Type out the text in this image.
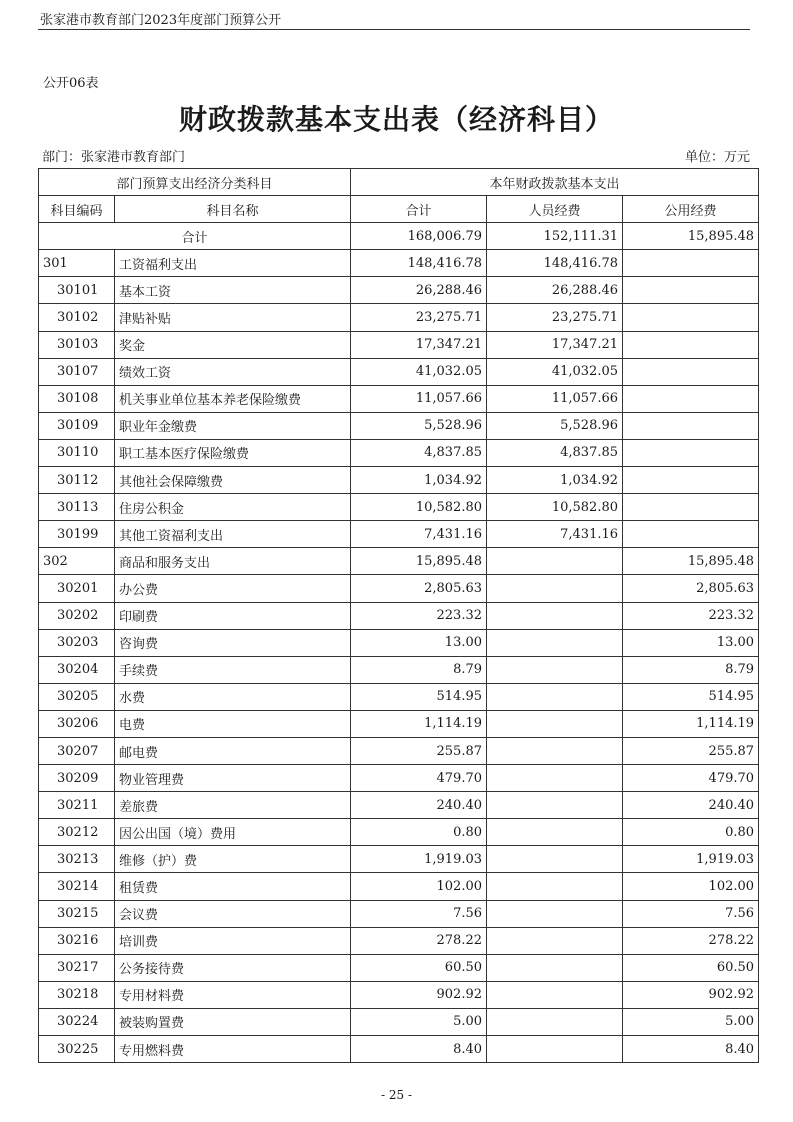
张家港市教育部门2023年度部门预算公开
公开06表
财政拨款基本支出表（经济科目）
部门：张家港市教育部门	单位：万元
部门预算支出经济分类科目		本年财政拨款基本支出		
科目编码	科目名称	合计	人员经费	公用经费
合计		168,006.79	152,111.31	15,895.48
301	工资福利支出	148,416.78	148,416.78	
30101	基本工资	26,288.46	26,288.46	
30102	津贴补贴	23,275.71	23,275.71	
30103	奖金	17,347.21	17,347.21	
30107	绩效工资	41,032.05	41,032.05	
30108	机关事业单位基本养老保险缴费	11,057.66	11,057.66	
30109	职业年金缴费	5,528.96	5,528.96	
30110	职工基本医疗保险缴费	4,837.85	4,837.85	
30112	其他社会保障缴费	1,034.92	1,034.92	
30113	住房公积金	10,582.80	10,582.80	
30199	其他工资福利支出	7,431.16	7,431.16	
302	商品和服务支出	15,895.48		15,895.48
30201	办公费	2,805.63		2,805.63
30202	印刷费	223.32		223.32
30203	咨询费	13.00		13.00
30204	手续费	8.79		8.79
30205	水费	514.95		514.95
30206	电费	1,114.19		1,114.19
30207	邮电费	255.87		255.87
30209	物业管理费	479.70		479.70
30211	差旅费	240.40		240.40
30212	因公出国（境）费用	0.80		0.80
30213	维修（护）费	1,919.03		1,919.03
30214	租赁费	102.00		102.00
30215	会议费	7.56		7.56
30216	培训费	278.22		278.22
30217	公务接待费	60.50		60.50
30218	专用材料费	902.92		902.92
30224	被装购置费	5.00		5.00
30225	专用燃料费	8.40		8.40
- 25 -
